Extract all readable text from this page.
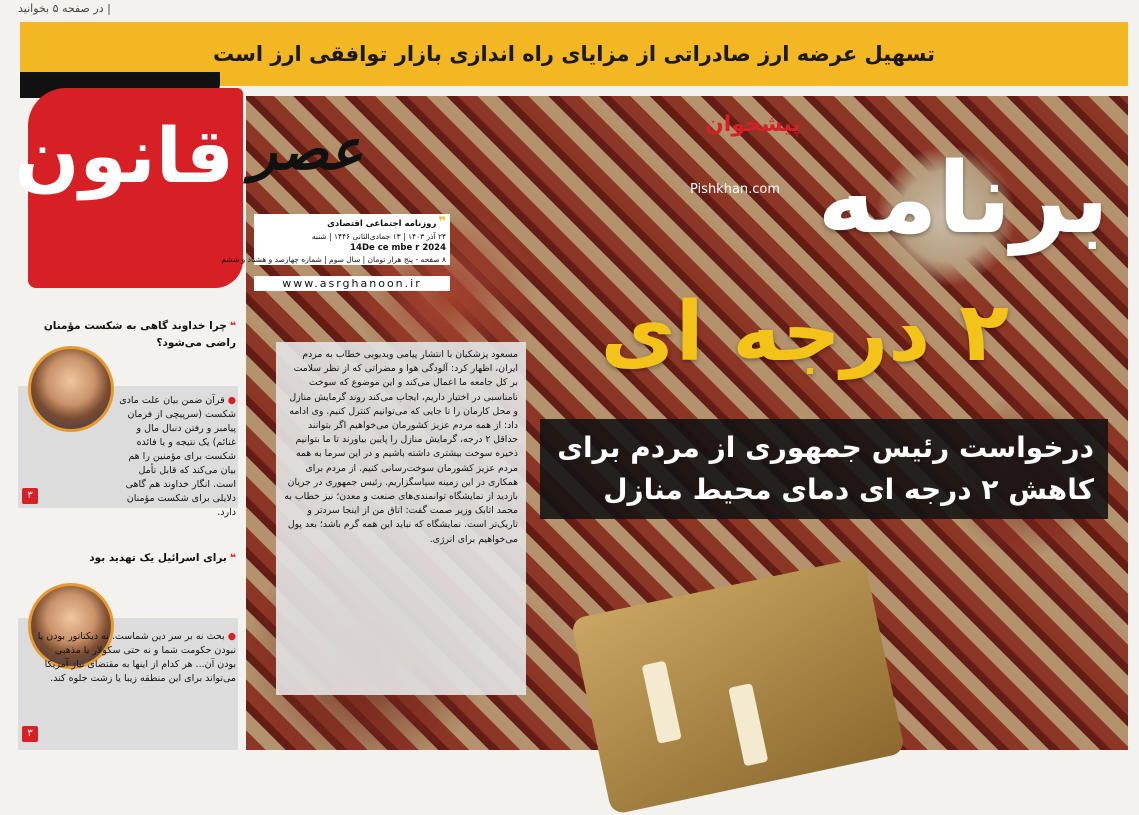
| در صفحه ۵ بخوانید
تسهیل عرضه ارز صادراتی از مزایای راه اندازی بازار توافقی ارز است
قانون
❝چرا خداوند گاهی به شکست مؤمنان راضی می‌شود؟
● قرآن ضمن بیان علت مادی شکست (سرپیچی از فرمان پیامبر و رفتن دنبال مال و غنائم) یک نتیجه و یا فائده شکست برای مؤمنین را هم بیان می‌کند که قابل تأمل است. انگار خداوند هم گاهی دلایلی برای شکست مؤمنان دارد.
۳
❝برای اسرائیل یک تهدید بود
● بحث نه بر سر دین شماست. نه دیکتاتور بودن یا نبودن حکومت شما و نه حتی سکولار یا مذهبی بودن آن... هر کدام از اینها به مقتضای نیاز آمریکا می‌تواند برای این منطقه زیبا یا زشت جلوه کند.
۳
پیشخوان
Pishkhan.com برنامه
۲ درجه ای
درخواست رئیس جمهوری از مردم برای کاهش ۲ درجه ای دمای محیط منازل

مسعود پزشکیان با انتشار پیامی ویدیویی خطاب به مردم ایران، اظهار کرد: آلودگی هوا و مضراتی که از نظر سلامت بر کل جامعه ما اعمال می‌کند و این موضوع که سوخت نامناسبی در اختیار داریم، ایجاب می‌کند روند گرمایش منازل و محل کارمان را تا جایی که می‌توانیم کنترل کنیم. وی ادامه داد: از همه مردم عزیز کشورمان می‌خواهیم اگر بتوانند حداقل ۲ درجه، گرمایش منازل را پایین بیاورند تا ما بتوانیم ذخیره سوخت بیشتری داشته باشیم و در این سرما به همه مردم عزیز کشورمان سوخت‌رسانی کنیم. از مردم برای همکاری در این زمینه سپاسگزاریم. رئیس جمهوری در جریان بازدید از نمایشگاه توانمندی‌های صنعت و معدن؛ نیز خطاب به محمد اتابک وزیر صمت گفت: اتاق من از اینجا سردتر و تاریک‌تر است. نمایشگاه که نباید این همه گرم باشد؛ بعد پول می‌خواهیم برای انرژی.

عصر
❞روزنامه اجتماعی اقتصادی
۲۴ آذر ۱۴۰۳ | ۱۳ جمادی‌الثانی ۱۴۴۶ | شنبه
14De ce mbe r 2024
۸ صفحه - پنج هزار تومان | سال سوم | شماره چهارصد و هشتاد و ششم
www.asrghanoon.ir
